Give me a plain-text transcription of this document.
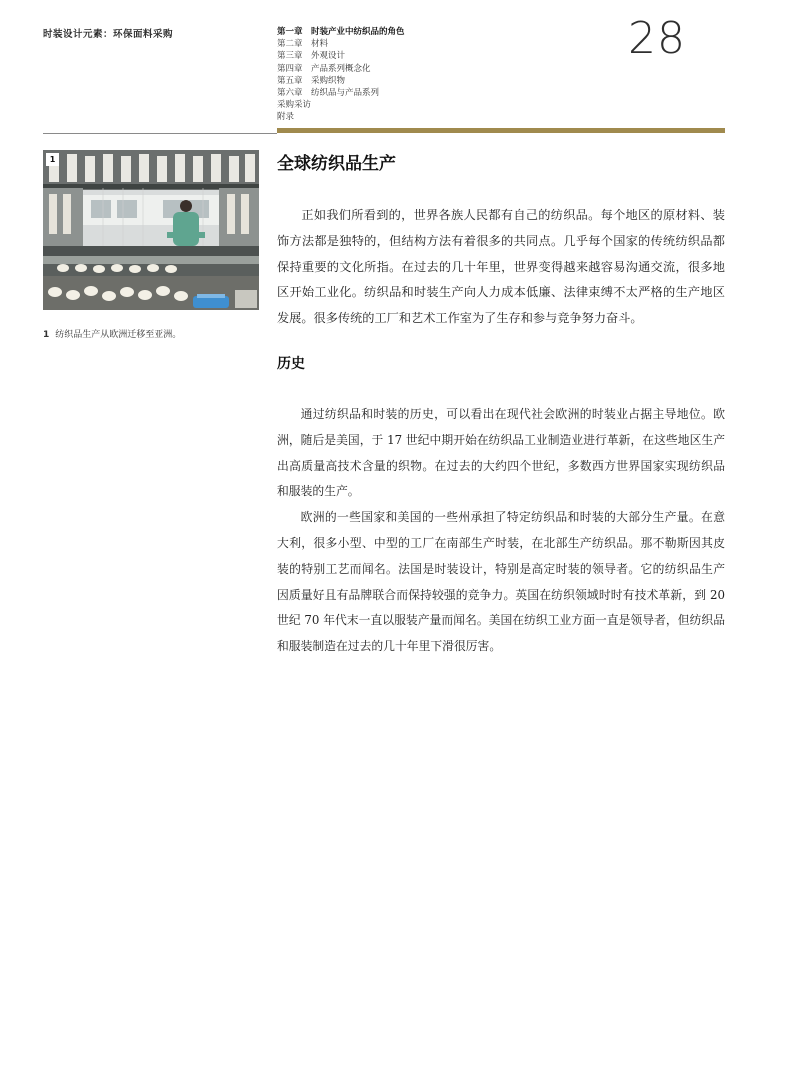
时装设计元素：环保面料采购	第一章　时装产业中纺织品的角色
第二章　材料
第三章　外观设计
第四章　产品系列概念化
第五章　采购织物
第六章　纺织品与产品系列
采购采访
附录
28
1
1 纺织品生产从欧洲迁移至亚洲。
全球纺织品生产

正如我们所看到的，世界各族人民都有自己的纺织品。每个地区的原材料、装饰方法都是独特的，但结构方法有着很多的共同点。几乎每个国家的传统纺织品都保持重要的文化所指。在过去的几十年里，世界变得越来越容易沟通交流，很多地区开始工业化。纺织品和时装生产向人力成本低廉、法律束缚不太严格的生产地区发展。很多传统的工厂和艺术工作室为了生存和参与竞争努力奋斗。

历史

通过纺织品和时装的历史，可以看出在现代社会欧洲的时装业占据主导地位。欧洲，随后是美国，于 17 世纪中期开始在纺织品工业制造业进行革新，在这些地区生产出高质量高技术含量的织物。在过去的大约四个世纪，多数西方世界国家实现纺织品和服装的生产。

欧洲的一些国家和美国的一些州承担了特定纺织品和时装的大部分生产量。在意大利，很多小型、中型的工厂在南部生产时装，在北部生产纺织品。那不勒斯因其皮装的特别工艺而闻名。法国是时装设计，特别是高定时装的领导者。它的纺织品生产因质量好且有品牌联合而保持较强的竞争力。英国在纺织领域时时有技术革新，到 20 世纪 70 年代末一直以服装产量而闻名。美国在纺织工业方面一直是领导者，但纺织品和服装制造在过去的几十年里下滑很厉害。
